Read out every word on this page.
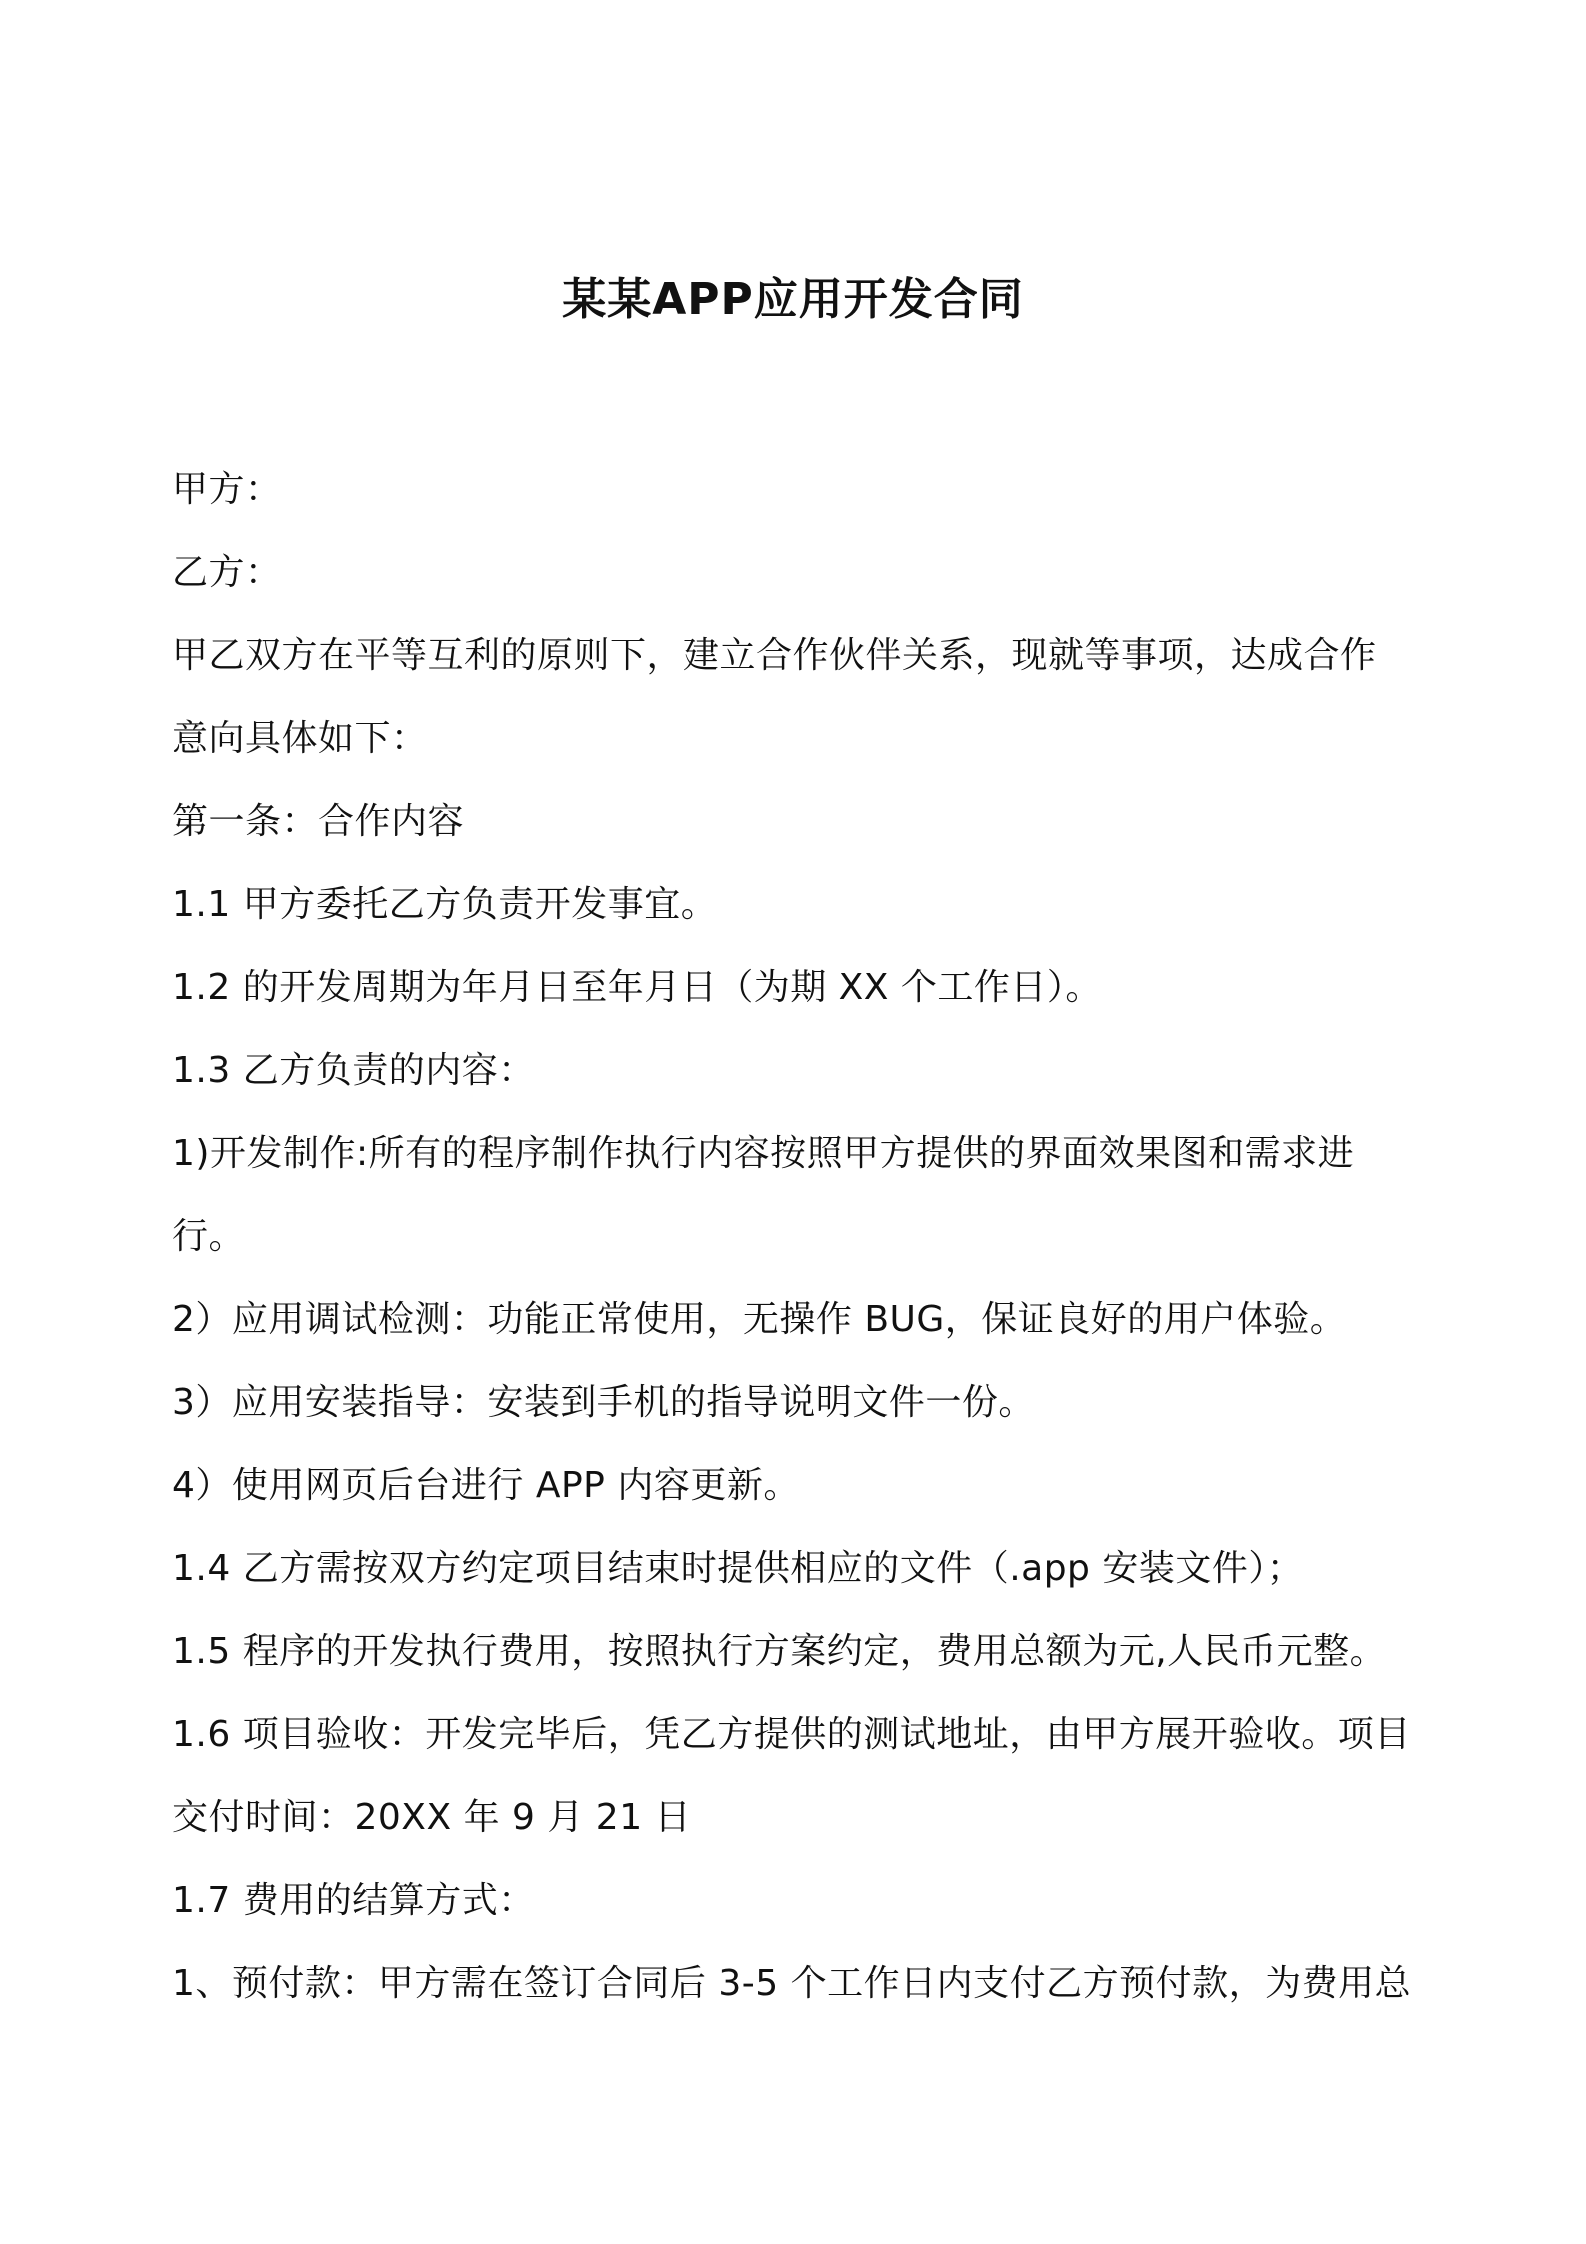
某某APP应用开发合同
甲方：
乙方：
甲乙双方在平等互利的原则下，建立合作伙伴关系，现就等事项，达成合作
意向具体如下：
第一条：合作内容
1.1 甲方委托乙方负责开发事宜。
1.2 的开发周期为年月日至年月日（为期 XX 个工作日）。
1.3 乙方负责的内容：
1)开发制作:所有的程序制作执行内容按照甲方提供的界面效果图和需求进
行。
2）应用调试检测：功能正常使用，无操作 BUG，保证良好的用户体验。
3）应用安装指导：安装到手机的指导说明文件一份。
4）使用网页后台进行 APP 内容更新。
1.4 乙方需按双方约定项目结束时提供相应的文件（.app 安装文件）；
1.5 程序的开发执行费用，按照执行方案约定，费用总额为元,人民币元整。
1.6 项目验收：开发完毕后，凭乙方提供的测试地址，由甲方展开验收。项目
交付时间：20XX 年 9 月 21 日
1.7 费用的结算方式：
1、预付款：甲方需在签订合同后 3-5 个工作日内支付乙方预付款，为费用总
